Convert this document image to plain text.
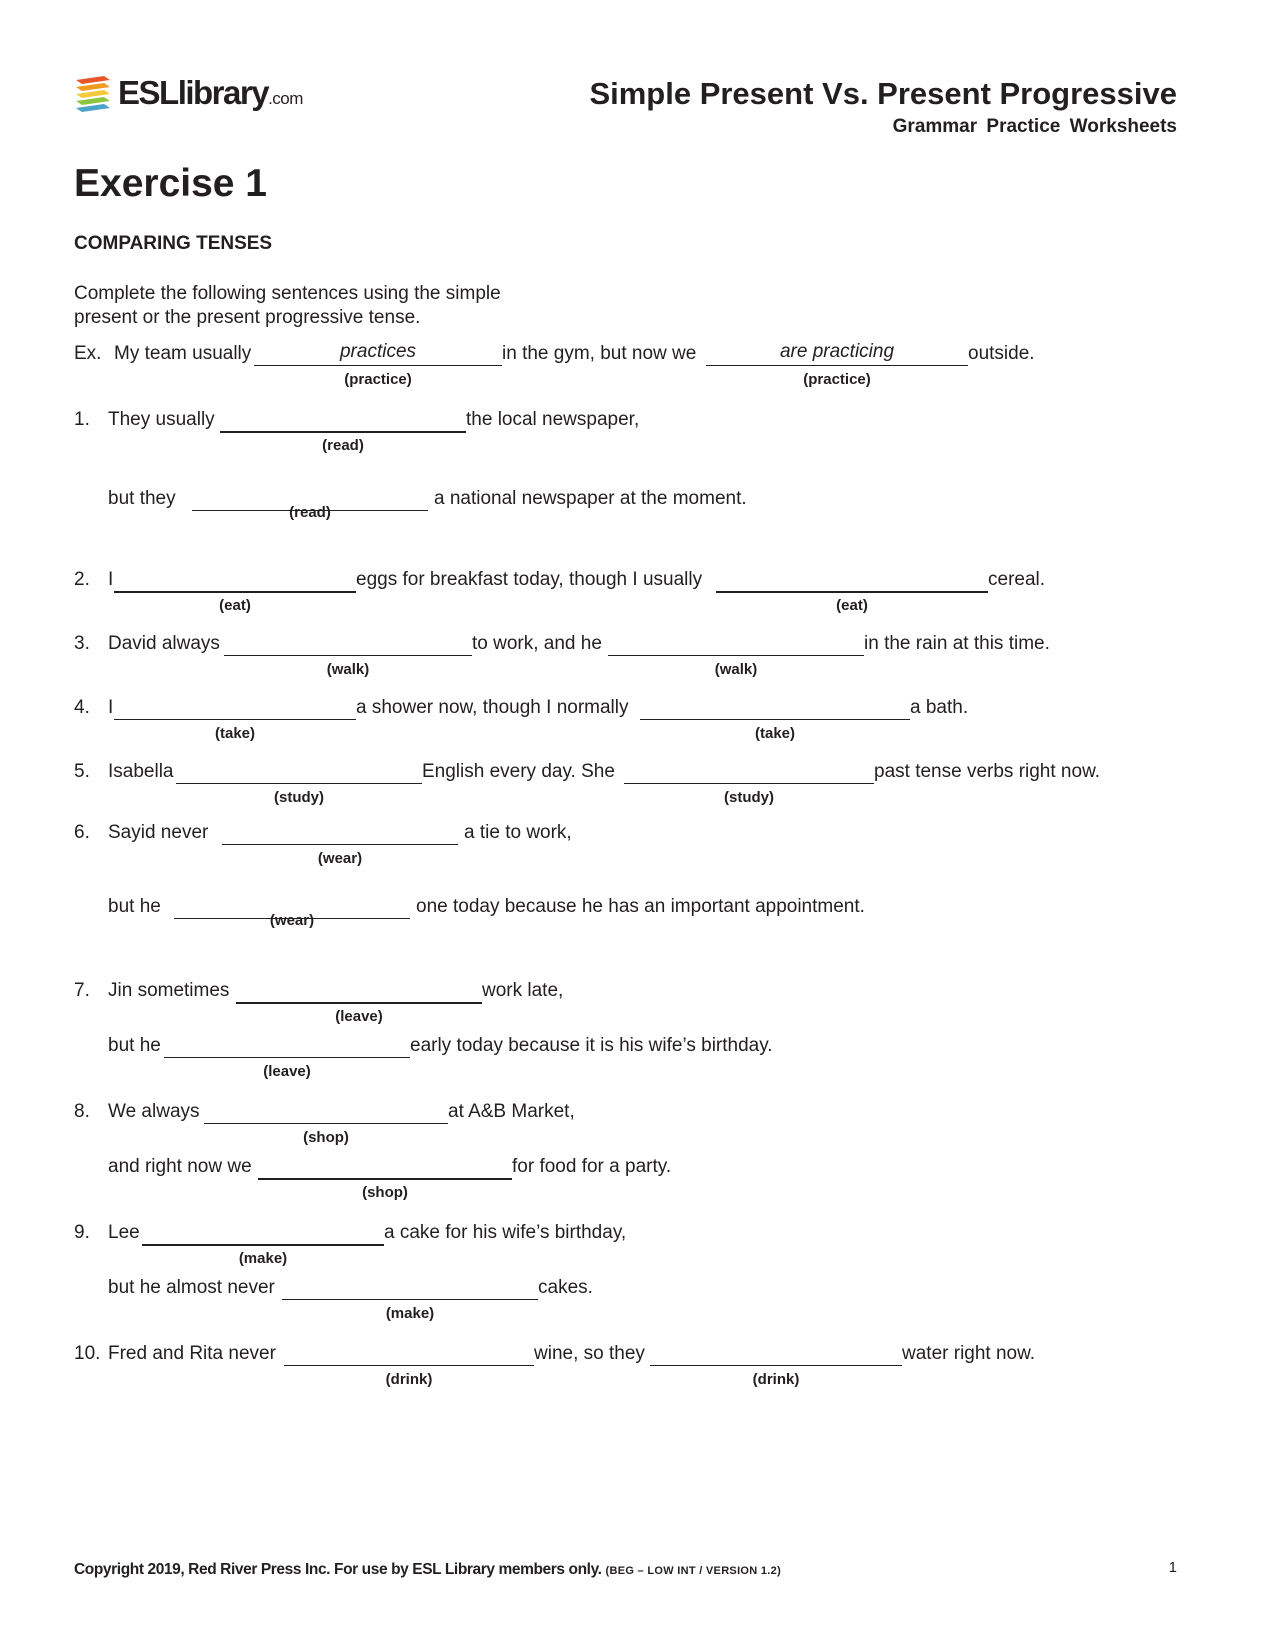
ESLlibrary.com	Simple Present Vs. Present Progressive
Grammar Practice Worksheets
Exercise 1
COMPARING TENSES
Complete the following sentences using the simple
present or the present progressive tense.
Ex. My team usually	practices
(practice)
in the gym, but now we	are practicing
(practice)
outside.
1. They usually
(read)
the local newspaper,
but they
(read)
a national newspaper at the moment.
2. I
(eat)
eggs for breakfast today, though I usually
(eat)
cereal.
3. David always
(walk)
to work, and he
(walk)
in the rain at this time.
4. I
(take)
a shower now, though I normally
(take)
a bath.
5. Isabella
(study)
English every day. She
(study)
past tense verbs right now.
6. Sayid never
(wear)
a tie to work,
but he
(wear)
one today because he has an important appointment.
7. Jin sometimes
(leave)
work late,
but he
(leave)
early today because it is his wife’s birthday.
8. We always
(shop)
at A&B Market,
and right now we
(shop)
for food for a party.
9. Lee
(make)
a cake for his wife’s birthday,
but he almost never
(make)
cakes.
10. Fred and Rita never
(drink)
wine, so they
(drink)
water right now.
Copyright 2019, Red River Press Inc. For use by ESL Library members only. (BEG – LOW INT / VERSION 1.2)	1
